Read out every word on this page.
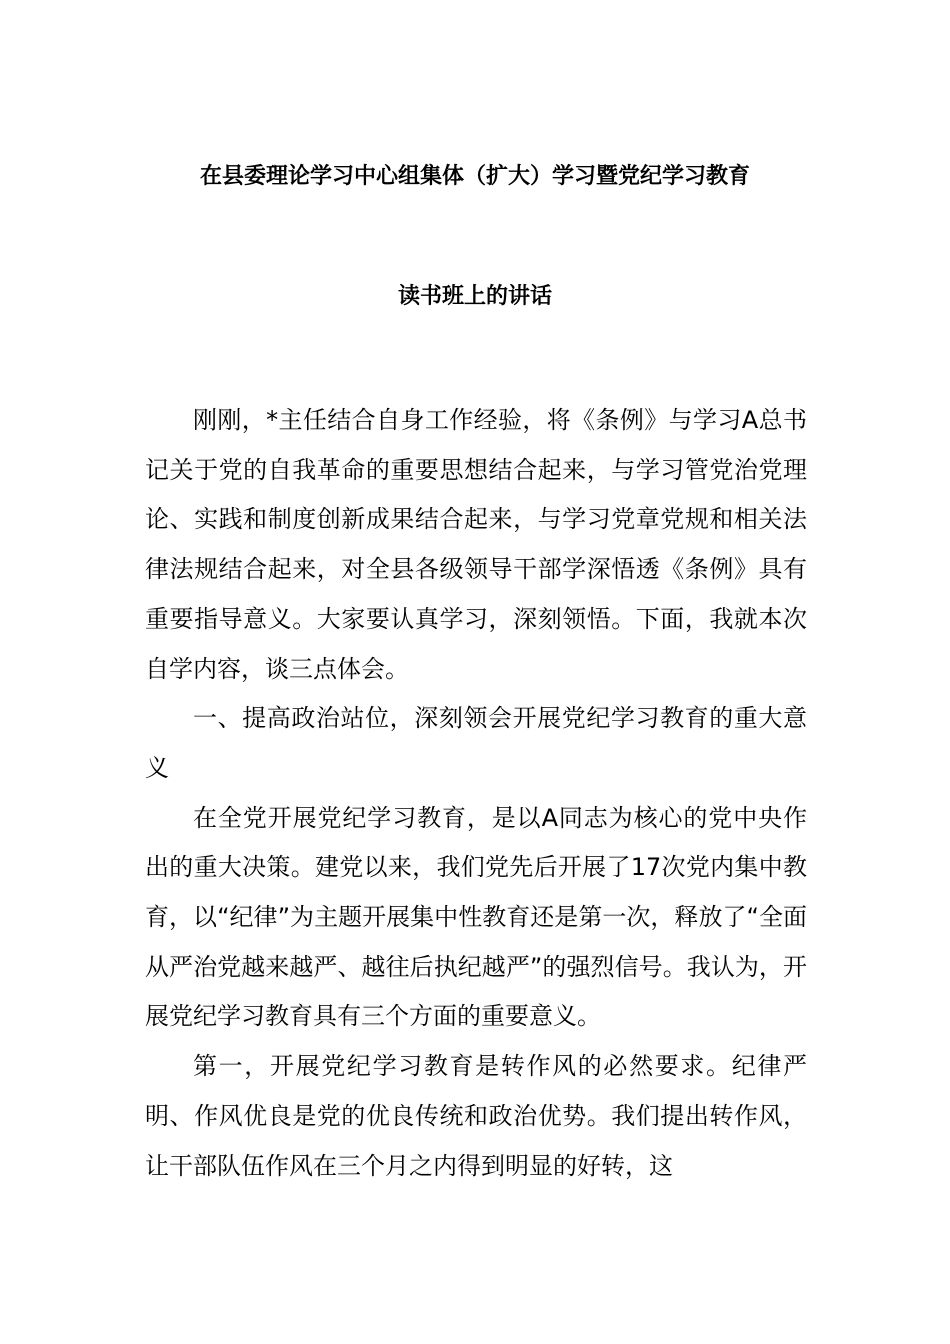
在县委理论学习中心组集体（扩大）学习暨党纪学习教育
读书班上的讲话

刚刚，*主任结合自身工作经验，将《条例》与学习A总书记关于党的自我革命的重要思想结合起来，与学习管党治党理论、实践和制度创新成果结合起来，与学习党章党规和相关法律法规结合起来，对全县各级领导干部学深悟透《条例》具有重要指导意义。大家要认真学习，深刻领悟。下面，我就本次自学内容，谈三点体会。

一、提高政治站位，深刻领会开展党纪学习教育的重大意义

在全党开展党纪学习教育，是以A同志为核心的党中央作出的重大决策。建党以来，我们党先后开展了17次党内集中教育，以“纪律”为主题开展集中性教育还是第一次，释放了“全面从严治党越来越严、越往后执纪越严”的强烈信号。我认为，开展党纪学习教育具有三个方面的重要意义。

第一，开展党纪学习教育是转作风的必然要求。纪律严明、作风优良是党的优良传统和政治优势。我们提出转作风，让干部队伍作风在三个月之内得到明显的好转，这
